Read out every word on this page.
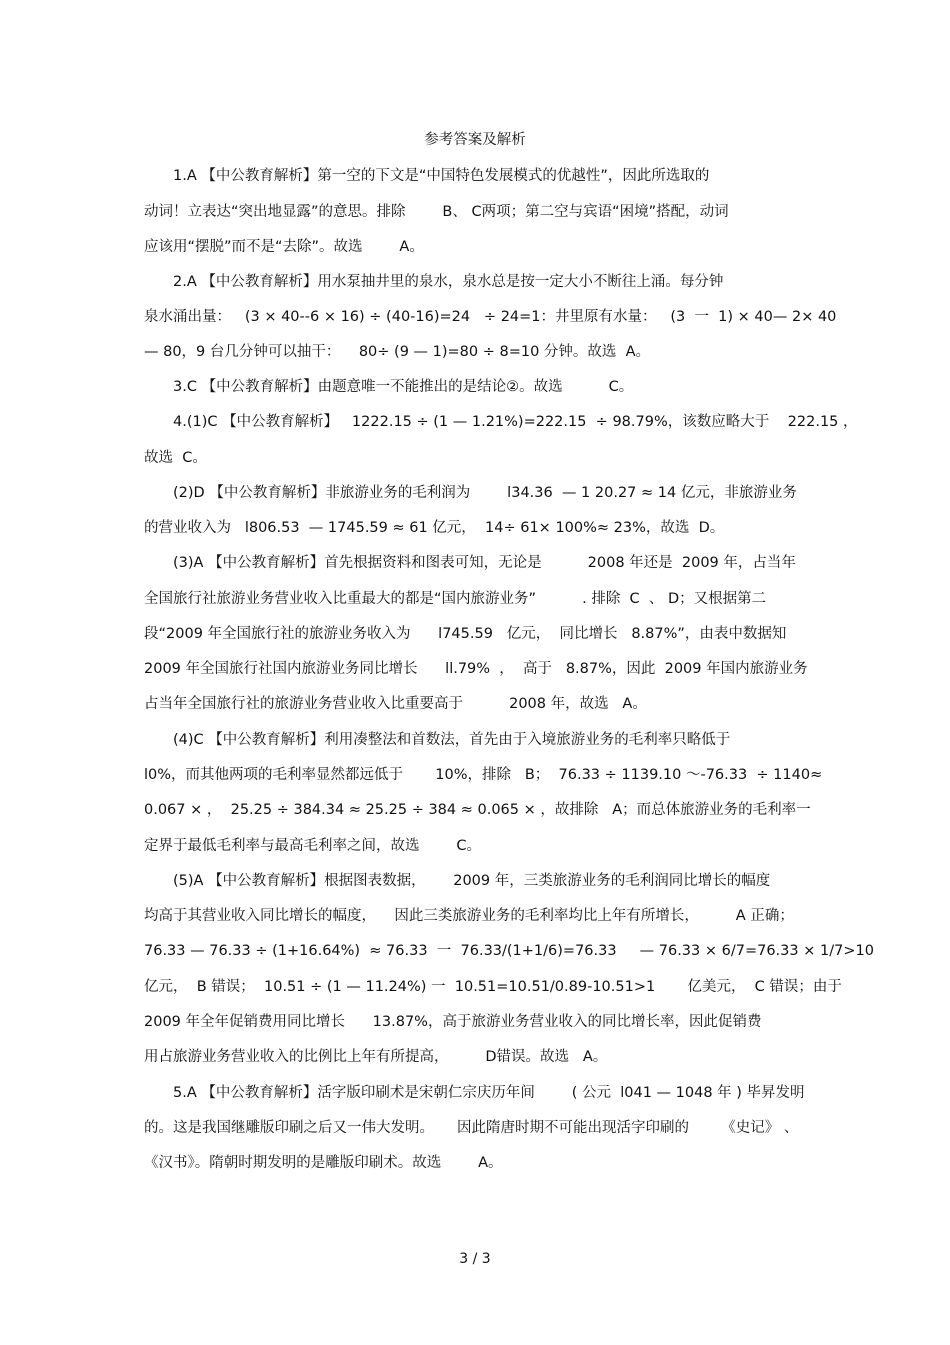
参考答案及解析
1.A 【中公教育解析】第一空的下文是“中国特色发展模式的优越性”，因此所选取的
动词！立表达“突出地显露”的意思。排除        B、 C两项；第二空与宾语“困境”搭配，动词
应该用“摆脱”而不是“去除”。故选        A。
2.A 【中公教育解析】用水泵抽井里的泉水，泉水总是按一定大小不断往上涌。每分钟
泉水涌出量：   (3 × 40--6 × 16) ÷ (40-16)=24   ÷ 24=1：井里原有水量：   (3  一  1) × 40— 2× 40
— 80，9 台几分钟可以抽干：    80÷ (9 — 1)=80 ÷ 8=10 分钟。故选  A。
3.C 【中公教育解析】由题意唯一不能推出的是结论②。故选          C。
4.(1)C 【中公教育解析】   1222.15 ÷ (1 — 1.21%)=222.15  ÷ 98.79%，该数应略大于    222.15 ，
故选  C。
(2)D 【中公教育解析】非旅游业务的毛利润为        l34.36  — 1 20.27 ≈ 14 亿元，非旅游业务
的营业收入为   l806.53  — 1745.59 ≈ 61 亿元，  14÷ 61× 100%≈ 23%，故选  D。
(3)A 【中公教育解析】首先根据资料和图表可知，无论是          2008 年还是  2009 年，占当年
全国旅行社旅游业务营业收入比重最大的都是“国内旅游业务”          . 排除  C  、 D；又根据第二
段“2009 年全国旅行社的旅游业务收入为      l745.59   亿元，  同比增长   8.87%”，由表中数据知
2009 年全国旅行社国内旅游业务同比增长      ll.79%  ，  高于   8.87%，因此  2009 年国内旅游业务
占当年全国旅行社的旅游业务营业收入比重要高于          2008 年，故选   A。
(4)C 【中公教育解析】利用凑整法和首数法，首先由于入境旅游业务的毛利率只略低于
l0%，而其他两项的毛利率显然都远低于       10%，排除   B；  76.33 ÷ 1139.10 ～-76.33  ÷ 1140≈
0.067 × ，  25.25 ÷ 384.34 ≈ 25.25 ÷ 384 ≈ 0.065 × ，故排除   A；而总体旅游业务的毛利率一
定界于最低毛利率与最高毛利率之间，故选        C。
(5)A 【中公教育解析】根据图表数据，      2009 年，三类旅游业务的毛利润同比增长的幅度
均高于其营业收入同比增长的幅度，    因此三类旅游业务的毛利率均比上年有所增长，        A 正确；
76.33 — 76.33 ÷ (1+16.64%)  ≈ 76.33  一  76.33/(1+1/6)=76.33     — 76.33 × 6/7=76.33 × 1/7>10
亿元，  B 错误；  10.51 ÷ (1 — 11.24%) 一  10.51=10.51/0.89-10.51>1       亿美元，  C 错误；由于
2009 年全年促销费用同比增长      13.87%，高于旅游业务营业收入的同比增长率，因此促销费
用占旅游业务营业收入的比例比上年有所提高，        D错误。故选   A。
5.A 【中公教育解析】活字版印刷术是宋朝仁宗庆历年间        ( 公元  l041 — 1048 年 ) 毕昇发明
的。这是我国继雕版印刷之后又一伟大发明。     因此隋唐时期不可能出现活字印刷的       《史记》 、
《汉书》。隋朝时期发明的是雕版印刷术。故选        A。
3 / 3
